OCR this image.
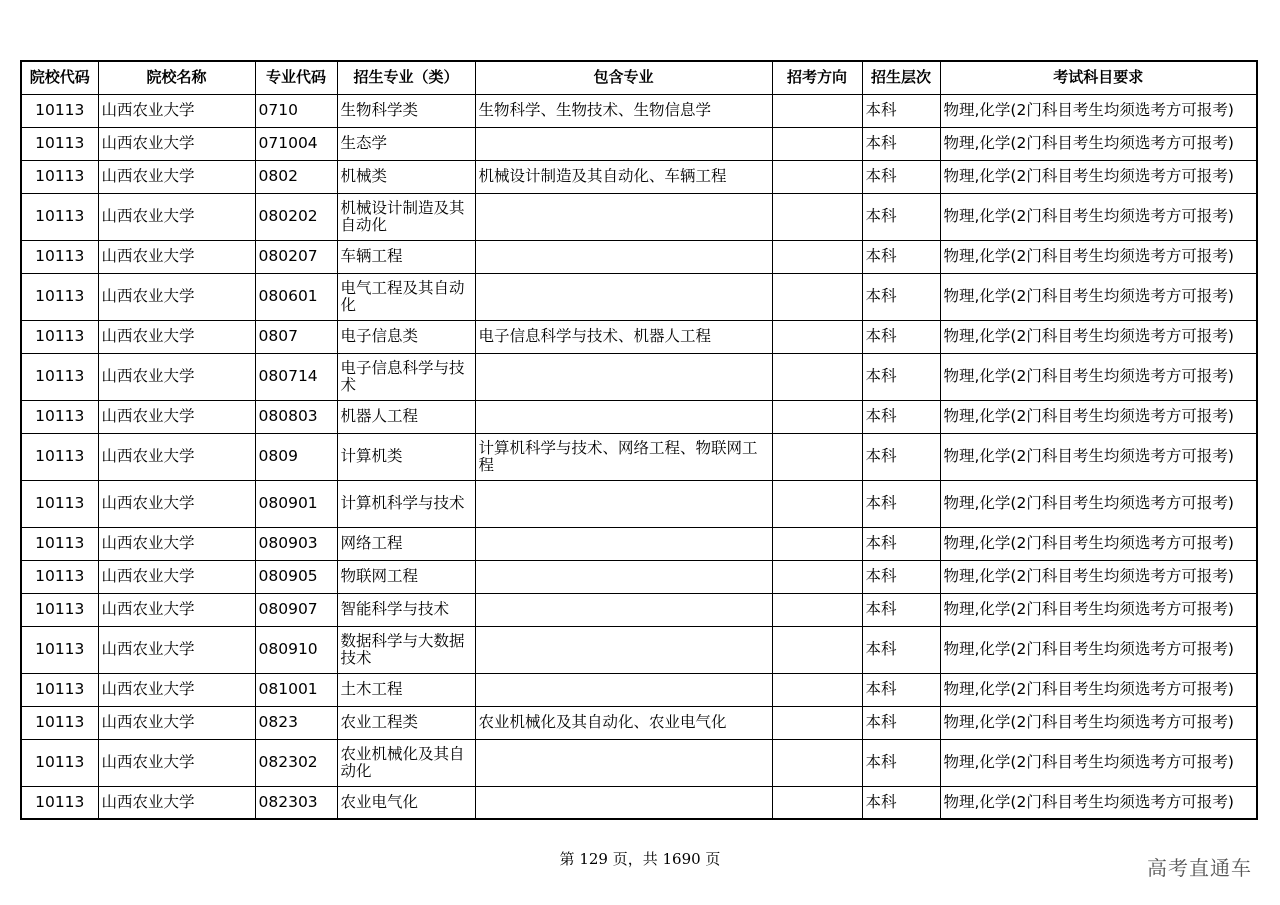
院校代码	院校名称	专业代码	招生专业（类）	包含专业	招考方向	招生层次	考试科目要求
10113	山西农业大学	0710	生物科学类	生物科学、生物技术、生物信息学		本科	物理,化学(2门科目考生均须选考方可报考)
10113	山西农业大学	071004	生态学			本科	物理,化学(2门科目考生均须选考方可报考)
10113	山西农业大学	0802	机械类	机械设计制造及其自动化、车辆工程		本科	物理,化学(2门科目考生均须选考方可报考)
10113	山西农业大学	080202	机械设计制造及其自动化			本科	物理,化学(2门科目考生均须选考方可报考)
10113	山西农业大学	080207	车辆工程			本科	物理,化学(2门科目考生均须选考方可报考)
10113	山西农业大学	080601	电气工程及其自动化			本科	物理,化学(2门科目考生均须选考方可报考)
10113	山西农业大学	0807	电子信息类	电子信息科学与技术、机器人工程		本科	物理,化学(2门科目考生均须选考方可报考)
10113	山西农业大学	080714	电子信息科学与技术			本科	物理,化学(2门科目考生均须选考方可报考)
10113	山西农业大学	080803	机器人工程			本科	物理,化学(2门科目考生均须选考方可报考)
10113	山西农业大学	0809	计算机类	计算机科学与技术、网络工程、物联网工程		本科	物理,化学(2门科目考生均须选考方可报考)
10113	山西农业大学	080901	计算机科学与技术			本科	物理,化学(2门科目考生均须选考方可报考)
10113	山西农业大学	080903	网络工程			本科	物理,化学(2门科目考生均须选考方可报考)
10113	山西农业大学	080905	物联网工程			本科	物理,化学(2门科目考生均须选考方可报考)
10113	山西农业大学	080907	智能科学与技术			本科	物理,化学(2门科目考生均须选考方可报考)
10113	山西农业大学	080910	数据科学与大数据技术			本科	物理,化学(2门科目考生均须选考方可报考)
10113	山西农业大学	081001	土木工程			本科	物理,化学(2门科目考生均须选考方可报考)
10113	山西农业大学	0823	农业工程类	农业机械化及其自动化、农业电气化		本科	物理,化学(2门科目考生均须选考方可报考)
10113	山西农业大学	082302	农业机械化及其自动化			本科	物理,化学(2门科目考生均须选考方可报考)
10113	山西农业大学	082303	农业电气化			本科	物理,化学(2门科目考生均须选考方可报考)
第 129 页，共 1690 页	高考直通车
